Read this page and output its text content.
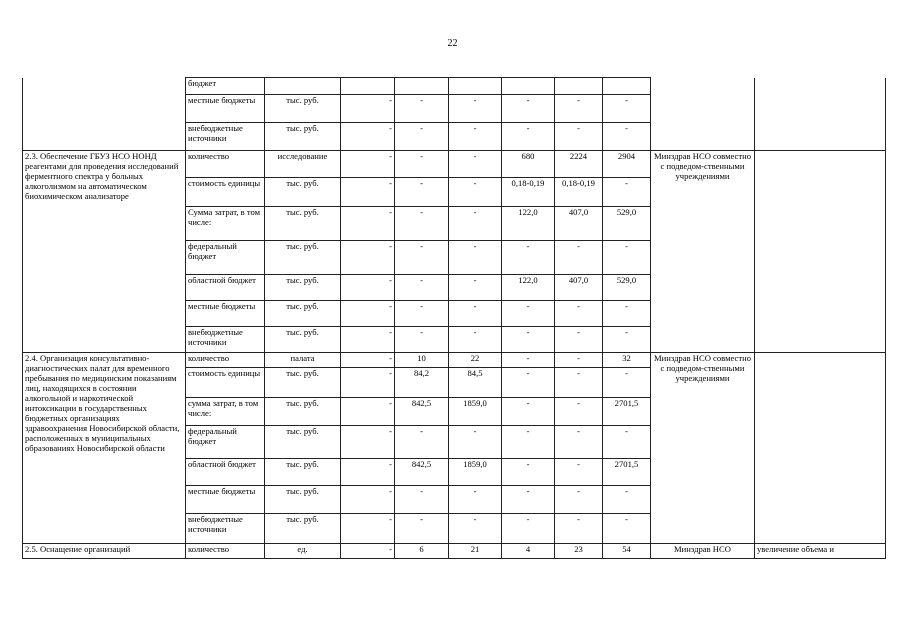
22
	бюджет									
	местные бюджеты	тыс. руб.	-	-	-	-	-	-		
	внебюджетные источники	тыс. руб.	-	-	-	-	-	-		
2.3. Обеспечение ГБУЗ НСО НОНД реагентами для проведения исследований ферментного спектра у больных алкоголизмом на автоматическом биохимическом анализаторе	количество	исследование	-	-	-	680	2224	2904	Минздрав НСО совместно с подведом-ственными учреждениями	
	стоимость единицы	тыс. руб.	-	-	-	0,18-0,19	0,18-0,19	-		
	Сумма затрат, в том числе:	тыс. руб.	-	-	-	122,0	407,0	529,0		
	федеральный бюджет	тыс. руб.	-	-	-	-	-	-		
	областной бюджет	тыс. руб.	-	-	-	122,0	407,0	529,0		
	местные бюджеты	тыс. руб.	-	-	-	-	-	-		
	внебюджетные источники	тыс. руб.	-	-	-	-	-	-		
2.4. Организация консультативно-диагностических палат для временного пребывания по медицинским показаниям лиц, находящихся в состоянии алкогольной и наркотической интоксикации в государственных бюджетных организациях здравоохранения Новосибирской области, расположенных в муниципальных образованиях Новосибирской области	количество	палата	-	10	22	-	-	32	Минздрав НСО совместно с подведом-ственными учреждениями	
	стоимость единицы	тыс. руб.	-	84,2	84,5	-	-	-		
	сумма затрат, в том числе:	тыс. руб.	-	842,5	1859,0	-	-	2701,5		
	федеральный бюджет	тыс. руб.	-	-	-	-	-	-		
	областной бюджет	тыс. руб.	-	842,5	1859,0	-	-	2701,5		
	местные бюджеты	тыс. руб.	-	-	-	-	-	-		
	внебюджетные источники	тыс. руб.	-	-	-	-	-	-		
2.5. Оснащение организаций	количество	ед.	-	6	21	4	23	54	Минздрав НСО	увеличение объема и
